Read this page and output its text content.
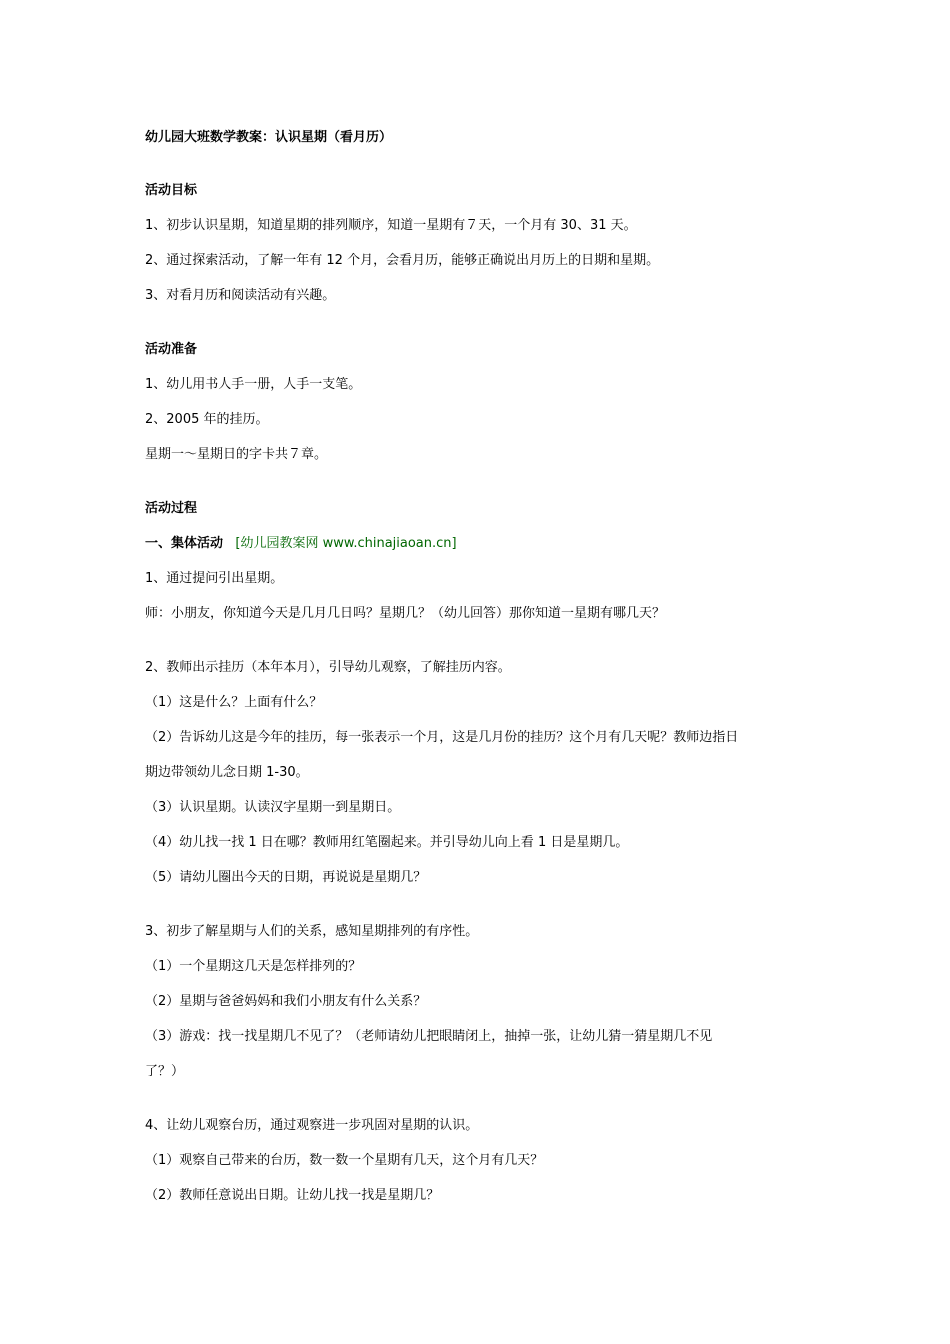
幼儿园大班数学教案：认识星期（看月历）
活动目标
1、初步认识星期，知道星期的排列顺序，知道一星期有７天，一个月有 30、31 天。
2、通过探索活动，了解一年有 12 个月，会看月历，能够正确说出月历上的日期和星期。
3、对看月历和阅读活动有兴趣。
活动准备
1、幼儿用书人手一册，人手一支笔。
2、2005 年的挂历。
星期一～星期日的字卡共７章。
活动过程
一、集体活动 [幼儿园教案网 www.chinajiaoan.cn]
1、通过提问引出星期。
师：小朋友，你知道今天是几月几日吗？星期几？（幼儿回答）那你知道一星期有哪几天？
2、教师出示挂历（本年本月），引导幼儿观察，了解挂历内容。
（1）这是什么？上面有什么？
（2）告诉幼儿这是今年的挂历，每一张表示一个月，这是几月份的挂历？这个月有几天呢？教师边指日
期边带领幼儿念日期 1-30。
（3）认识星期。认读汉字星期一到星期日。
（4）幼儿找一找 1 日在哪？教师用红笔圈起来。并引导幼儿向上看 1 日是星期几。
（5）请幼儿圈出今天的日期，再说说是星期几？
3、初步了解星期与人们的关系，感知星期排列的有序性。
（1）一个星期这几天是怎样排列的？
（2）星期与爸爸妈妈和我们小朋友有什么关系？
（3）游戏：找一找星期几不见了？（老师请幼儿把眼睛闭上，抽掉一张，让幼儿猜一猜星期几不见
了？）
4、让幼儿观察台历，通过观察进一步巩固对星期的认识。
（1）观察自己带来的台历，数一数一个星期有几天，这个月有几天？
（2）教师任意说出日期。让幼儿找一找是星期几？
